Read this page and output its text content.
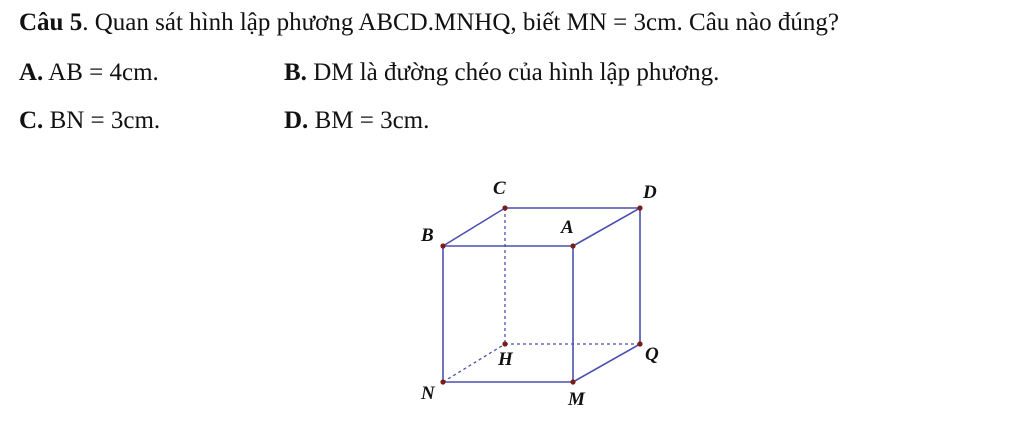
Câu 5. Quan sát hình lập phương ABCD.MNHQ, biết MN = 3cm. Câu nào đúng?
A. AB = 4cm.	B. DM là đường chéo của hình lập phương.
C. BN = 3cm.	D. BM = 3cm.
C	D
B	A
H	Q
N	M
